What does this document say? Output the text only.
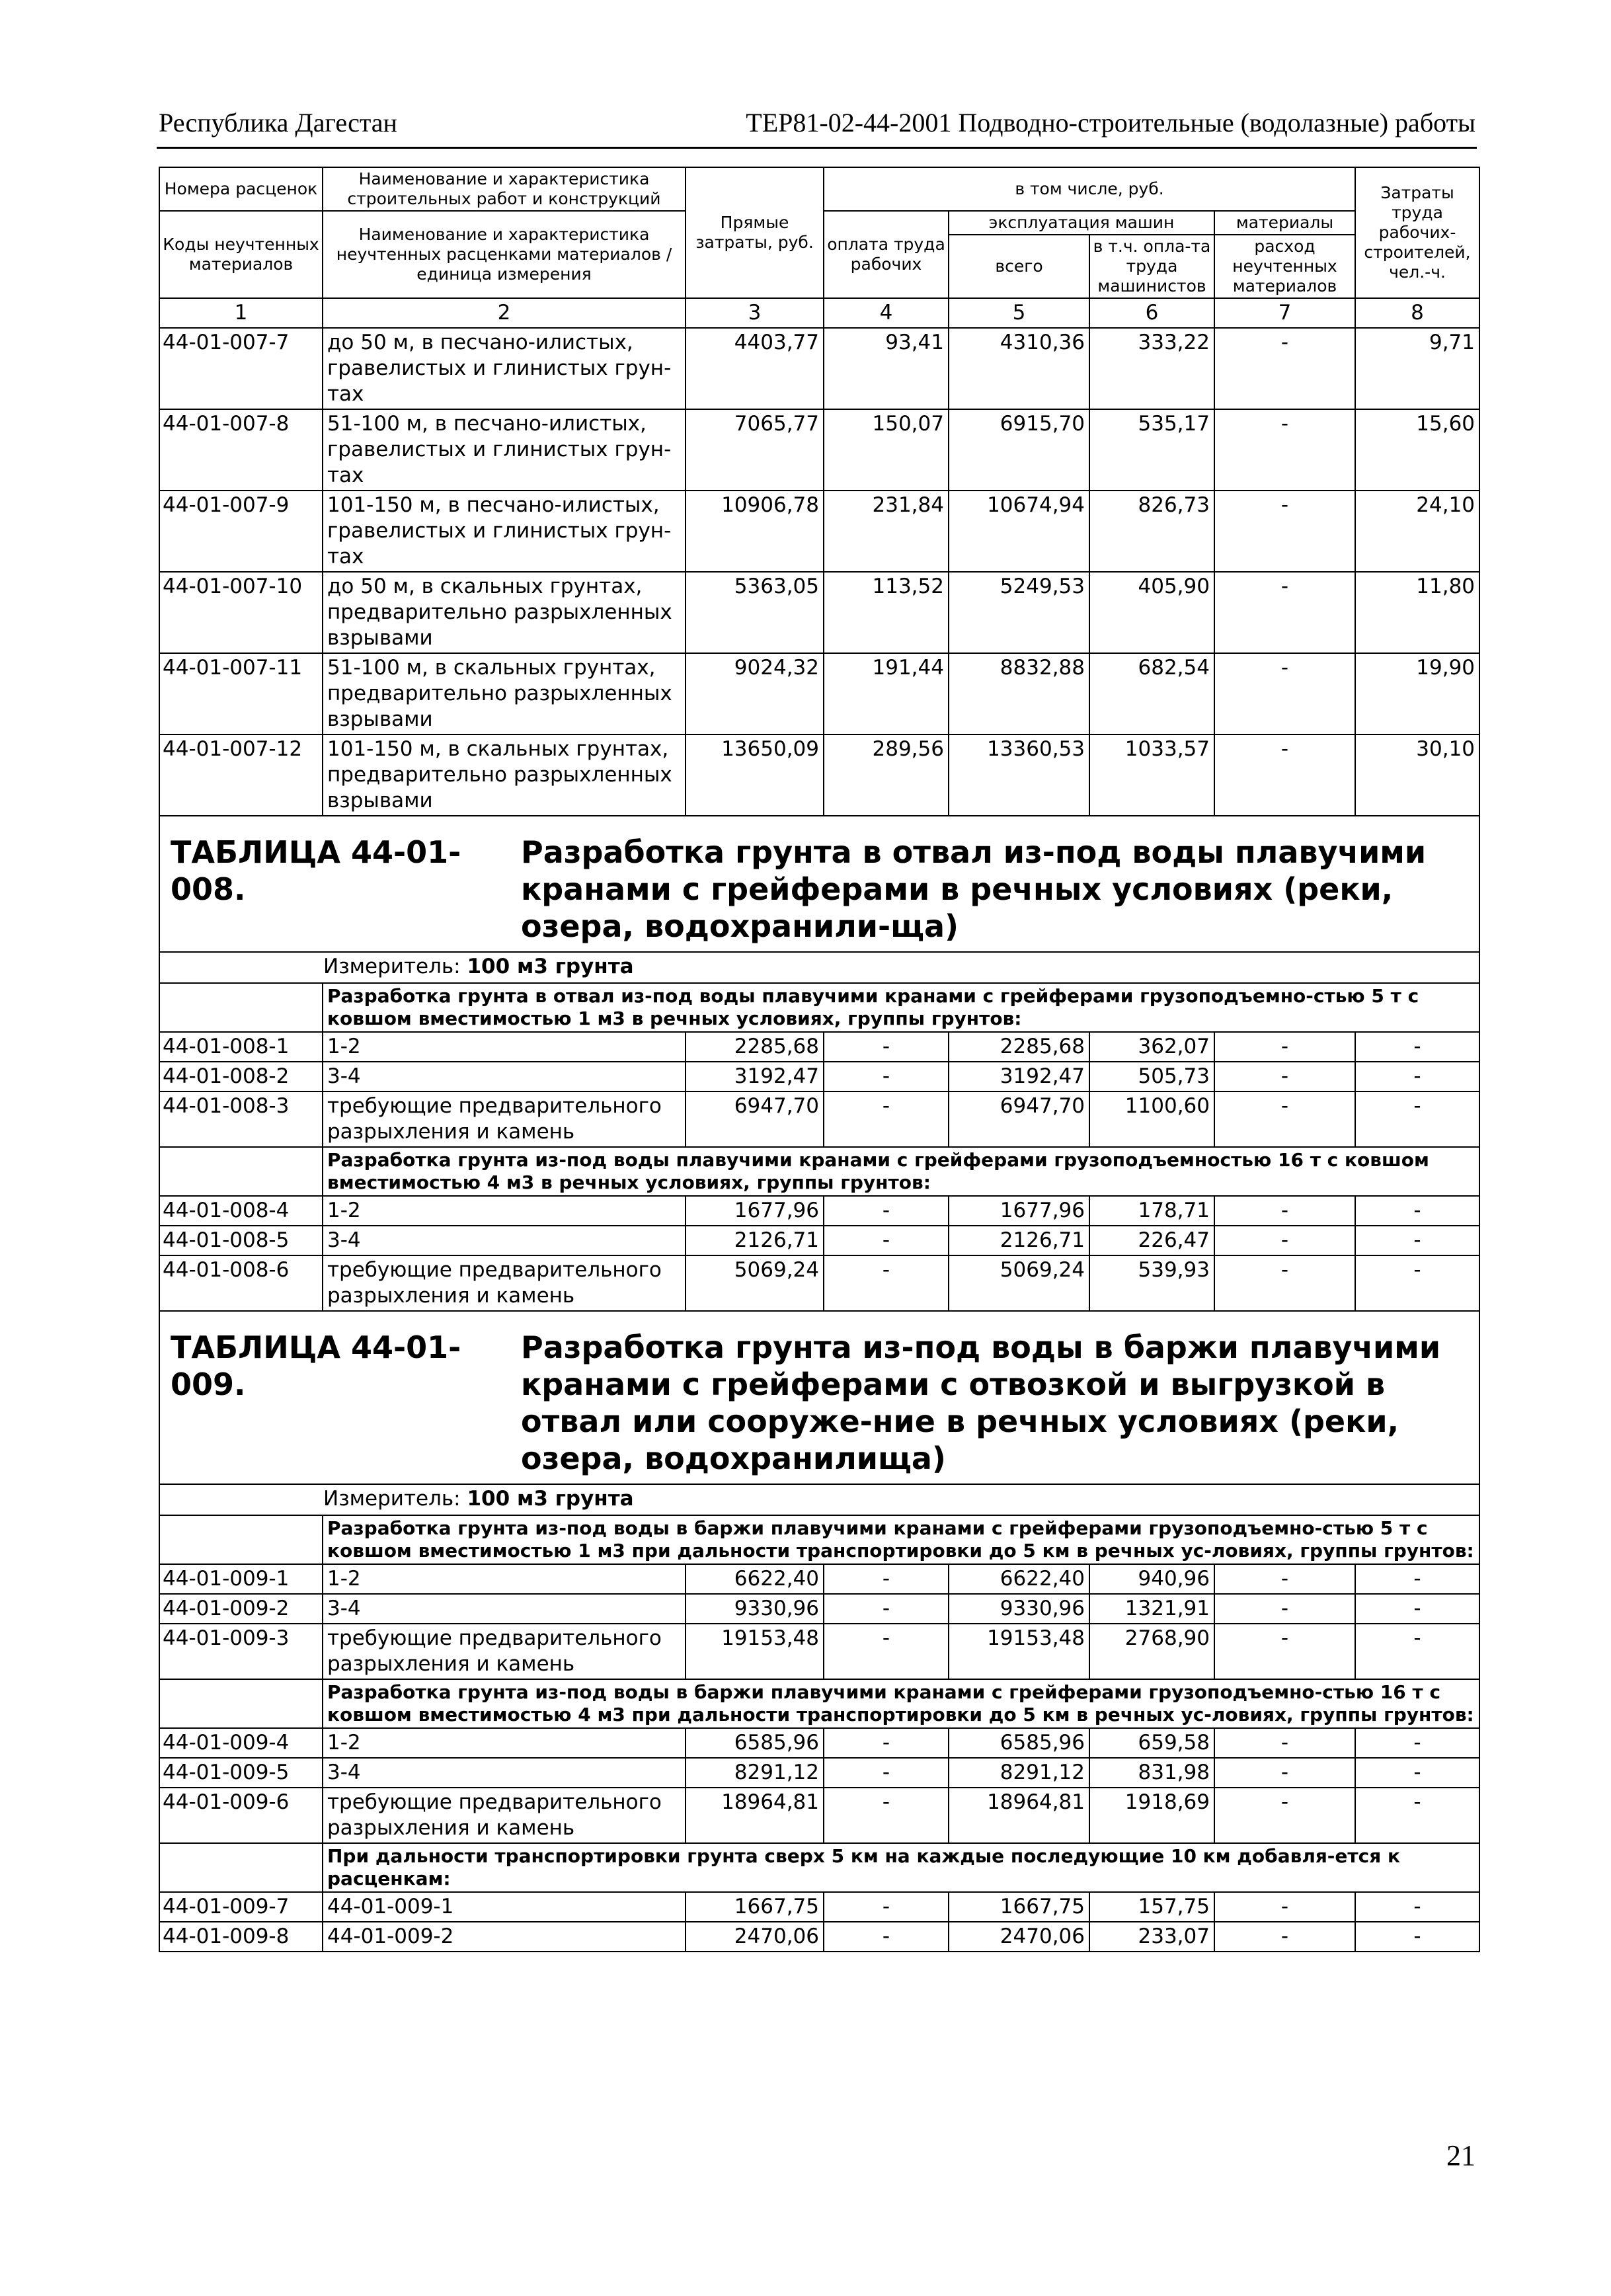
Республика Дагестан	ТЕР81-02-44-2001 Подводно-строительные (водолазные) работы
Номера расценок	Наименование и характеристика строительных работ и конструкций	Прямые затраты, руб.	в том числе, руб.				Затраты труда рабочих-строителей, чел.-ч.
Коды неучтенных материалов	Наименование и характеристика неучтенных расценками материалов / единица измерения		оплата труда рабочих	эксплуатация машин		материалы	
				всего	в т.ч. опла-та труда машинистов	расход неучтенных материалов	

1	2	3	4	5	6	7	8
44-01-007-7	до 50 м, в песчано-илистых, гравелистых и глинистых грун-тах	4403,77	93,41	4310,36	333,22	-	9,71
44-01-007-8	51-100 м, в песчано-илистых, гравелистых и глинистых грун-тах	7065,77	150,07	6915,70	535,17	-	15,60
44-01-007-9	101-150 м, в песчано-илистых, гравелистых и глинистых грун-тах	10906,78	231,84	10674,94	826,73	-	24,10
44-01-007-10	до 50 м, в скальных грунтах, предварительно разрыхленных взрывами	5363,05	113,52	5249,53	405,90	-	11,80
44-01-007-11	51-100 м, в скальных грунтах, предварительно разрыхленных взрывами	9024,32	191,44	8832,88	682,54	-	19,90
44-01-007-12	101-150 м, в скальных грунтах, предварительно разрыхленных взрывами	13650,09	289,56	13360,53	1033,57	-	30,10
ТАБЛИЦА 44-01-008.Разработка грунта в отвал из-под воды плавучими кранами с грейферами в речных условиях (реки, озера, водохранили-ща)							
Измеритель: 100 м3 грунта							
	Разработка грунта в отвал из-под воды плавучими кранами с грейферами грузоподъемно-стью 5 т с ковшом вместимостью 1 м3 в речных условиях, группы грунтов:						
44-01-008-1	1-2	2285,68	-	2285,68	362,07	-	-
44-01-008-2	3-4	3192,47	-	3192,47	505,73	-	-
44-01-008-3	требующие предварительного разрыхления и камень	6947,70	-	6947,70	1100,60	-	-
	Разработка грунта из-под воды плавучими кранами с грейферами грузоподъемностью 16 т с ковшом вместимостью 4 м3 в речных условиях, группы грунтов:						
44-01-008-4	1-2	1677,96	-	1677,96	178,71	-	-
44-01-008-5	3-4	2126,71	-	2126,71	226,47	-	-
44-01-008-6	требующие предварительного разрыхления и камень	5069,24	-	5069,24	539,93	-	-
ТАБЛИЦА 44-01-009.Разработка грунта из-под воды в баржи плавучими кранами с грейферами с отвозкой и выгрузкой в отвал или сооруже-ние в речных условиях (реки, озера, водохранилища)							
Измеритель: 100 м3 грунта							
	Разработка грунта из-под воды в баржи плавучими кранами с грейферами грузоподъемно-стью 5 т с ковшом вместимостью 1 м3 при дальности транспортировки до 5 км в речных ус-ловиях, группы грунтов:						
44-01-009-1	1-2	6622,40	-	6622,40	940,96	-	-
44-01-009-2	3-4	9330,96	-	9330,96	1321,91	-	-
44-01-009-3	требующие предварительного разрыхления и камень	19153,48	-	19153,48	2768,90	-	-
	Разработка грунта из-под воды в баржи плавучими кранами с грейферами грузоподъемно-стью 16 т с ковшом вместимостью 4 м3 при дальности транспортировки до 5 км в речных ус-ловиях, группы грунтов:						
44-01-009-4	1-2	6585,96	-	6585,96	659,58	-	-
44-01-009-5	3-4	8291,12	-	8291,12	831,98	-	-
44-01-009-6	требующие предварительного разрыхления и камень	18964,81	-	18964,81	1918,69	-	-
	При дальности транспортировки грунта сверх 5 км на каждые последующие 10 км добавля-ется к расценкам:						
44-01-009-7	44-01-009-1	1667,75	-	1667,75	157,75	-	-
44-01-009-8	44-01-009-2	2470,06	-	2470,06	233,07	-	-
21
